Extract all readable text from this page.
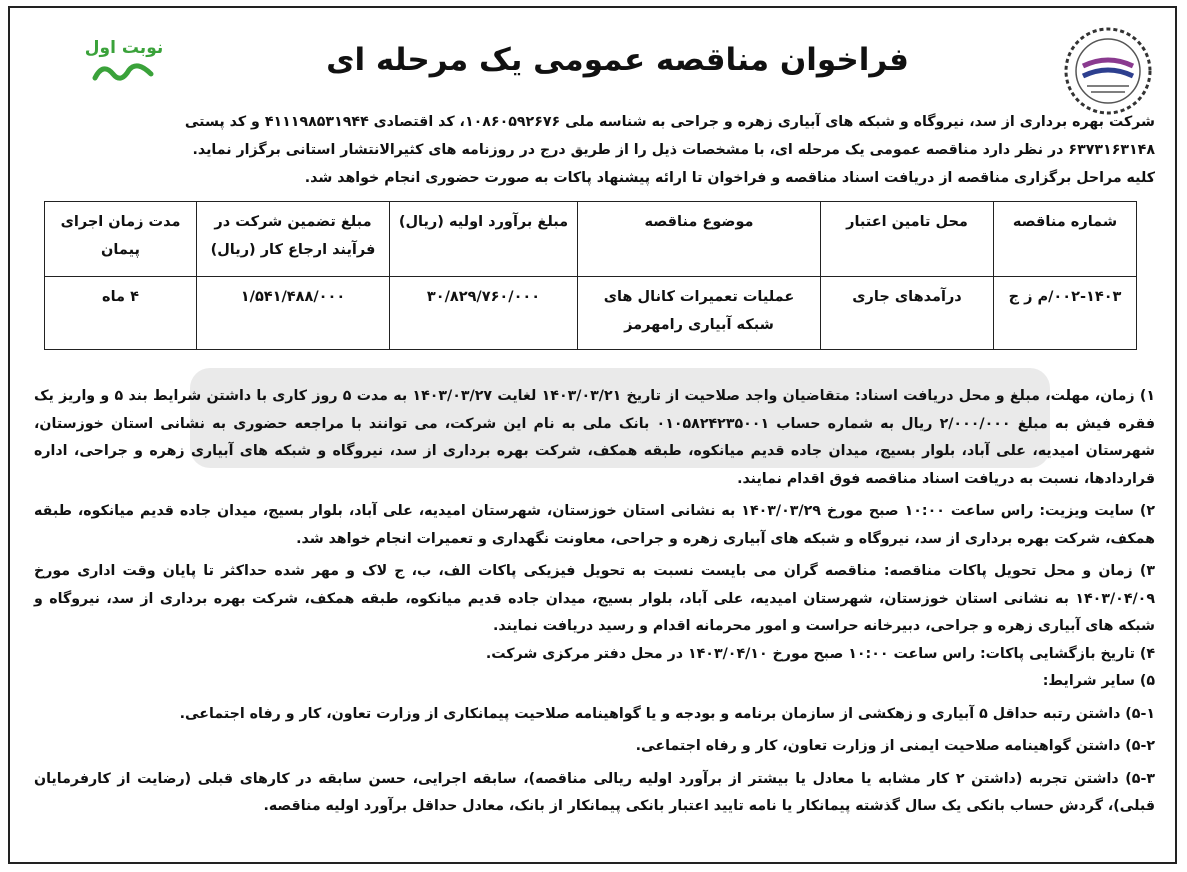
نوبت اول	فراخوان مناقصه عمومی یک مرحله ای

شرکت بهره برداری از سد، نیروگاه و شبکه های آبیاری زهره و جراحی به شناسه ملی ۱۰۸۶۰۵۹۲۶۷۶، کد اقتصادی ۴۱۱۱۹۸۵۳۱۹۴۴ و کد پستی

۶۳۷۳۱۶۳۱۴۸ در نظر دارد مناقصه عمومی یک مرحله ای، با مشخصات ذیل را از طریق درج در روزنامه های کثیرالانتشار استانی برگزار نماید.

کلیه مراحل برگزاری مناقصه از دریافت اسناد مناقصه و فراخوان تا ارائه پیشنهاد پاکات به صورت حضوری انجام خواهد شد.

شماره مناقصه	محل تامین اعتبار	موضوع مناقصه	مبلغ برآورد اولیه (ریال)	مبلغ تضمین شرکت در فرآیند ارجاع کار (ریال)	مدت زمان اجرای پیمان
۰۰۲-۱۴۰۳/م ز ج	درآمدهای جاری	عملیات تعمیرات کانال های شبکه آبیاری رامهرمز	۳۰/۸۲۹/۷۶۰/۰۰۰	۱/۵۴۱/۴۸۸/۰۰۰	۴ ماه

۱) زمان، مهلت، مبلغ و محل دریافت اسناد: متقاضیان واجد صلاحیت از تاریخ ۱۴۰۳/۰۳/۲۱ لغایت ۱۴۰۳/۰۳/۲۷ به مدت ۵ روز کاری با داشتن شرایط بند ۵ و واریز یک فقره فیش به مبلغ ۲/۰۰۰/۰۰۰ ریال به شماره حساب ۰۱۰۵۸۲۴۲۳۵۰۰۱ بانک ملی به نام این شرکت، می توانند با مراجعه حضوری به نشانی استان خوزستان، شهرستان امیدیه، علی آباد، بلوار بسیج، میدان جاده قدیم میانکوه، طبقه همکف، شرکت بهره برداری از سد، نیروگاه و شبکه های آبیاری زهره و جراحی، اداره قراردادها، نسبت به دریافت اسناد مناقصه فوق اقدام نمایند.

۲) سایت ویزیت: راس ساعت ۱۰:۰۰ صبح مورخ ۱۴۰۳/۰۳/۲۹ به نشانی استان خوزستان، شهرستان امیدیه، علی آباد، بلوار بسیج، میدان جاده قدیم میانکوه، طبقه همکف، شرکت بهره برداری از سد، نیروگاه و شبکه های آبیاری زهره و جراحی، معاونت نگهداری و تعمیرات انجام خواهد شد.

۳) زمان و محل تحویل پاکات مناقصه: مناقصه گران می بایست نسبت به تحویل فیزیکی پاکات الف، ب، ج لاک و مهر شده حداکثر تا پایان وقت اداری مورخ ۱۴۰۳/۰۴/۰۹ به نشانی استان خوزستان، شهرستان امیدیه، علی آباد، بلوار بسیج، میدان جاده قدیم میانکوه، طبقه همکف، شرکت بهره برداری از سد، نیروگاه و شبکه های آبیاری زهره و جراحی، دبیرخانه حراست و امور محرمانه اقدام و رسید دریافت نمایند.

۴) تاریخ بازگشایی پاکات: راس ساعت ۱۰:۰۰ صبح مورخ ۱۴۰۳/۰۴/۱۰ در محل دفتر مرکزی شرکت.

۵) سایر شرایط:

۵-۱) داشتن رتبه حداقل ۵ آبیاری و زهکشی از سازمان برنامه و بودجه و یا گواهینامه صلاحیت پیمانکاری از وزارت تعاون، کار و رفاه اجتماعی.

۵-۲) داشتن گواهینامه صلاحیت ایمنی از وزارت تعاون، کار و رفاه اجتماعی.

۵-۳) داشتن تجربه (داشتن ۲ کار مشابه یا معادل یا بیشتر از برآورد اولیه ریالی مناقصه)، سابقه اجرایی، حسن سابقه در کارهای قبلی (رضایت از کارفرمایان قبلی)، گردش حساب بانکی یک سال گذشته پیمانکار یا نامه تایید اعتبار بانکی پیمانکار از بانک، معادل حداقل برآورد اولیه مناقصه.
